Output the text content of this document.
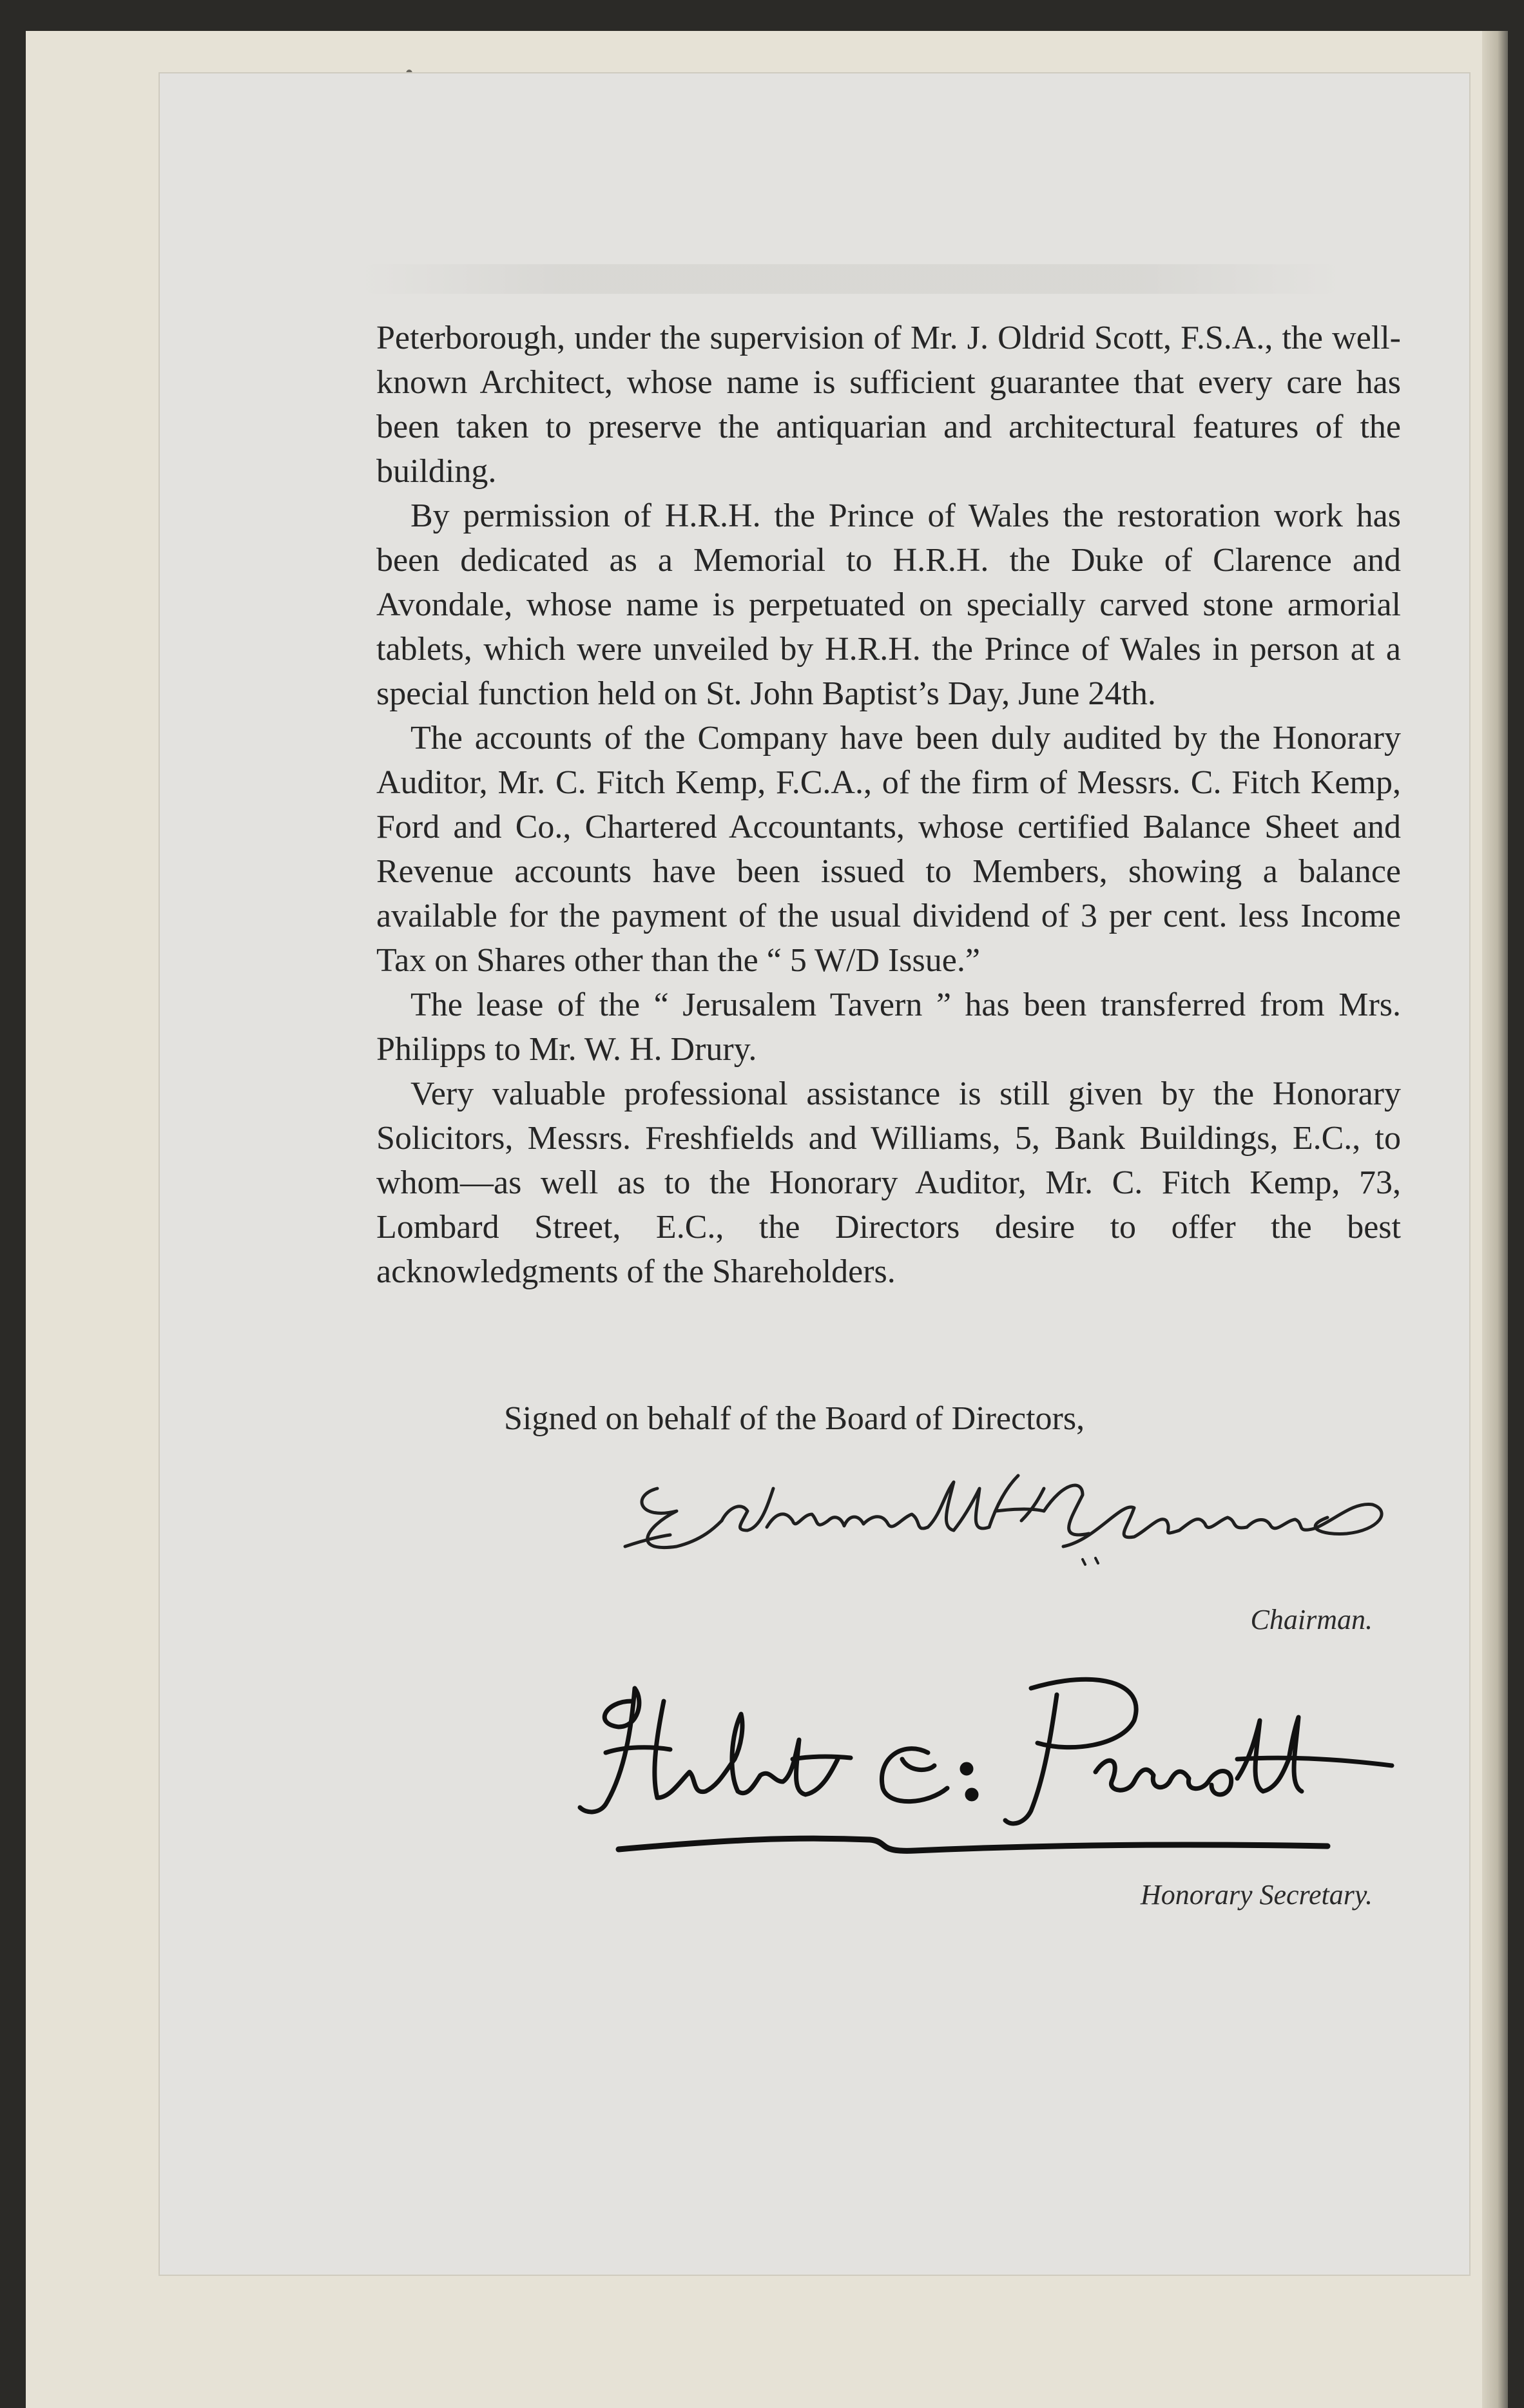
Peterborough, under the supervision of Mr. J. Oldrid Scott, F.S.A., the well-known Architect, whose name is sufficient guarantee that every care has been taken to preserve the antiquarian and architectural features of the building.

By permission of H.R.H. the Prince of Wales the restoration work has been dedicated as a Memorial to H.R.H. the Duke of Clarence and Avondale, whose name is perpetuated on specially carved stone armorial tablets, which were unveiled by H.R.H. the Prince of Wales in person at a special function held on St. John Baptist’s Day, June 24th.

The accounts of the Company have been duly audited by the Honorary Auditor, Mr. C. Fitch Kemp, F.C.A., of the firm of Messrs. C. Fitch Kemp, Ford and Co., Chartered Accountants, whose certified Balance Sheet and Revenue accounts have been issued to Members, showing a balance available for the payment of the usual dividend of 3 per cent. less Income Tax on Shares other than the “ 5 W/D Issue.”

The lease of the “ Jerusalem Tavern ” has been transferred from Mrs. Philipps to Mr. W. H. Drury.

Very valuable professional assistance is still given by the Honorary Solicitors, Messrs. Freshfields and Williams, 5, Bank Buildings, E.C., to whom—as well as to the Honorary Auditor, Mr. C. Fitch Kemp, 73, Lombard Street, E.C., the Directors desire to offer the best acknowledgments of the Shareholders.

Signed on behalf of the Board of Directors,
Chairman.
Honorary Secretary.
